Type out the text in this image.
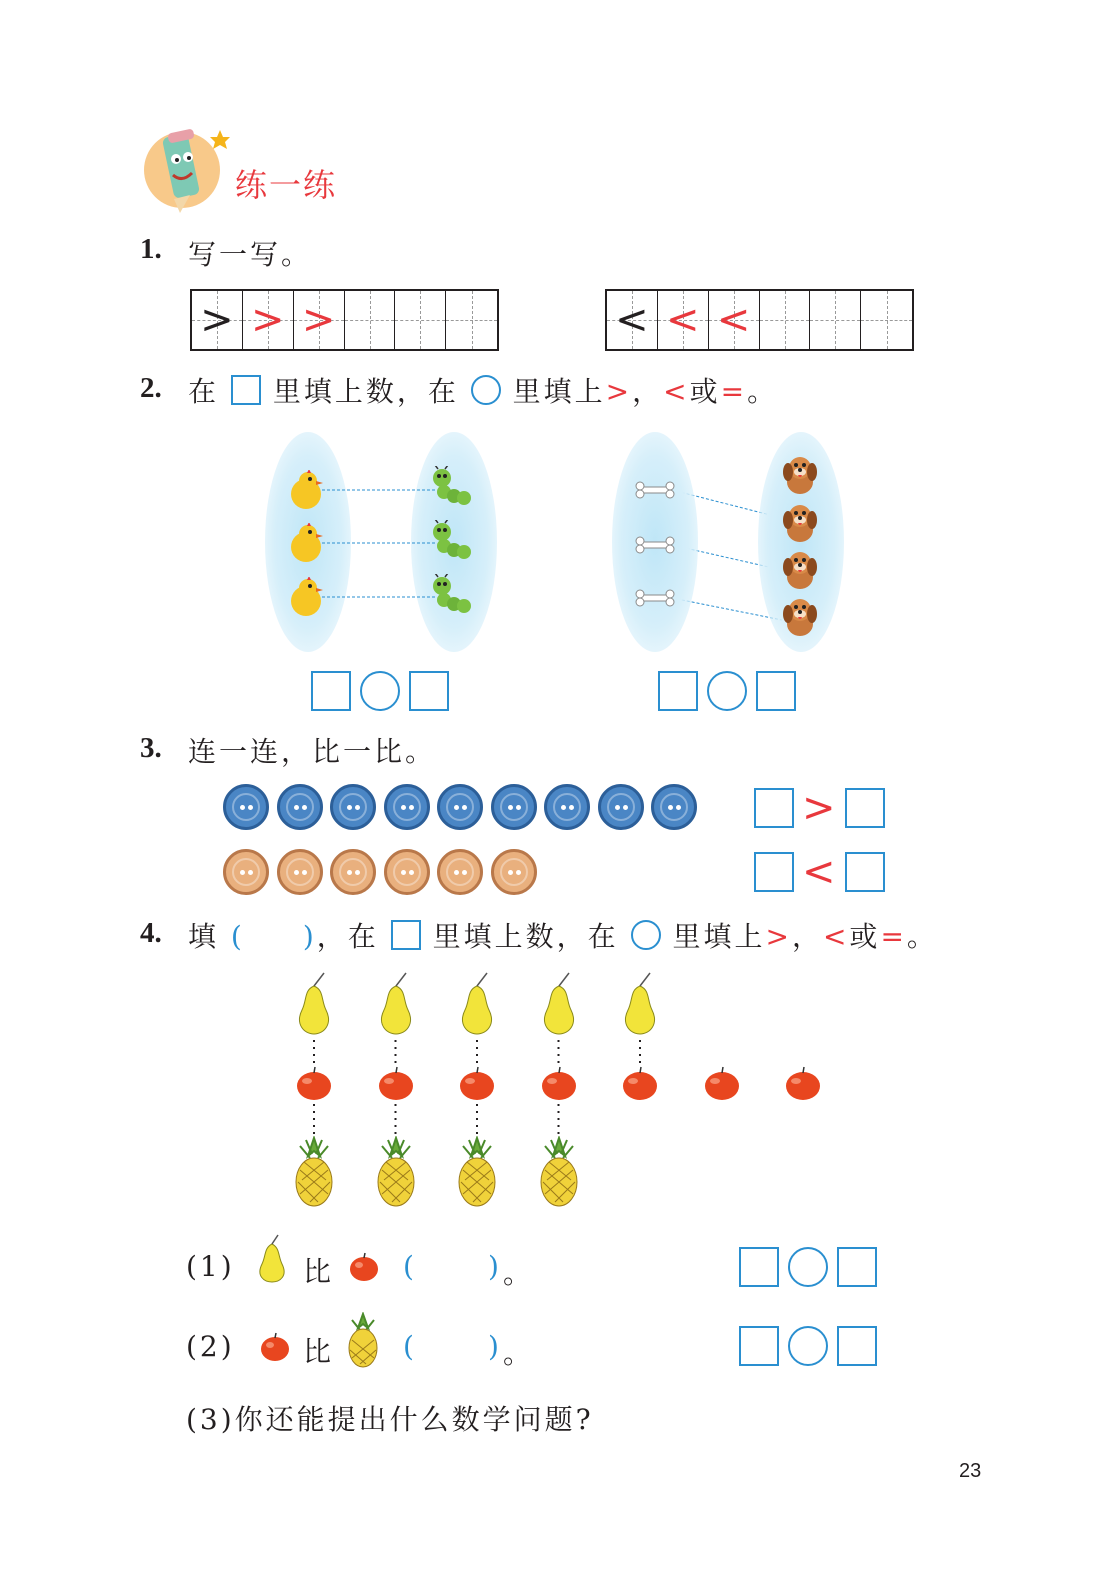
练一练
1. 写一写。
> > >	< < <
2. 在 里填上数，在 里填上>，<或=。
3. 连一连，比一比。
>
<
4. 填 ( )，在 里填上数，在 里填上>，<或=。
(1) 比 (	) 。
(2) 比 (	) 。
(3)你还能提出什么数学问题?
23
